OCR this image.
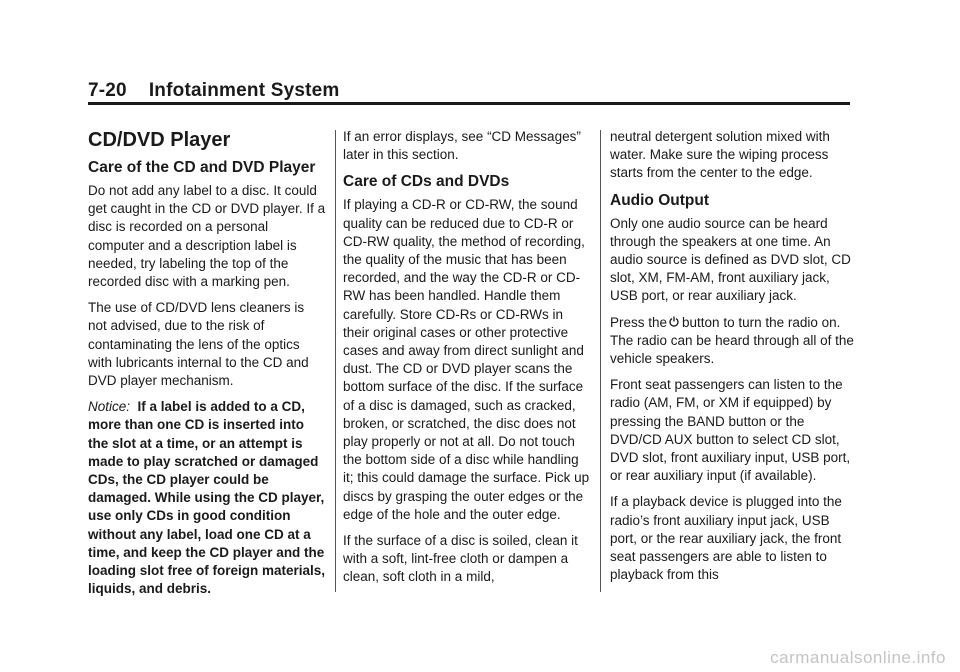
7-20 Infotainment System
CD/DVD Player
Care of the CD and DVD Player

Do not add any label to a disc. It could get caught in the CD or DVD player. If a disc is recorded on a personal computer and a description label is needed, try labeling the top of the recorded disc with a marking pen.

The use of CD/DVD lens cleaners is not advised, due to the risk of contaminating the lens of the optics with lubricants internal to the CD and DVD player mechanism.

Notice: If a label is added to a CD, more than one CD is inserted into the slot at a time, or an attempt is made to play scratched or damaged CDs, the CD player could be damaged. While using the CD player, use only CDs in good condition without any label, load one CD at a time, and keep the CD player and the loading slot free of foreign materials, liquids, and debris.

If an error displays, see “CD Messages” later in this section.

Care of CDs and DVDs

If playing a CD-R or CD-RW, the sound quality can be reduced due to CD-R or CD-RW quality, the method of recording, the quality of the music that has been recorded, and the way the CD-R or CD-RW has been handled. Handle them carefully. Store CD-Rs or CD-RWs in their original cases or other protective cases and away from direct sunlight and dust. The CD or DVD player scans the bottom surface of the disc. If the surface of a disc is damaged, such as cracked, broken, or scratched, the disc does not play properly or not at all. Do not touch the bottom side of a disc while handling it; this could damage the surface. Pick up discs by grasping the outer edges or the edge of the hole and the outer edge.

If the surface of a disc is soiled, clean it with a soft, lint-free cloth or dampen a clean, soft cloth in a mild,

neutral detergent solution mixed with water. Make sure the wiping process starts from the center to the edge.

Audio Output

Only one audio source can be heard through the speakers at one time. An audio source is defined as DVD slot, CD slot, XM, FM-AM, front auxiliary jack, USB port, or rear auxiliary jack.

Press the button to turn the radio on. The radio can be heard through all of the vehicle speakers.

Front seat passengers can listen to the radio (AM, FM, or XM if equipped) by pressing the BAND button or the DVD/CD AUX button to select CD slot, DVD slot, front auxiliary input, USB port, or rear auxiliary input (if available).

If a playback device is plugged into the radio’s front auxiliary input jack, USB port, or the rear auxiliary jack, the front seat passengers are able to listen to playback from this

carmanualsonline.info
